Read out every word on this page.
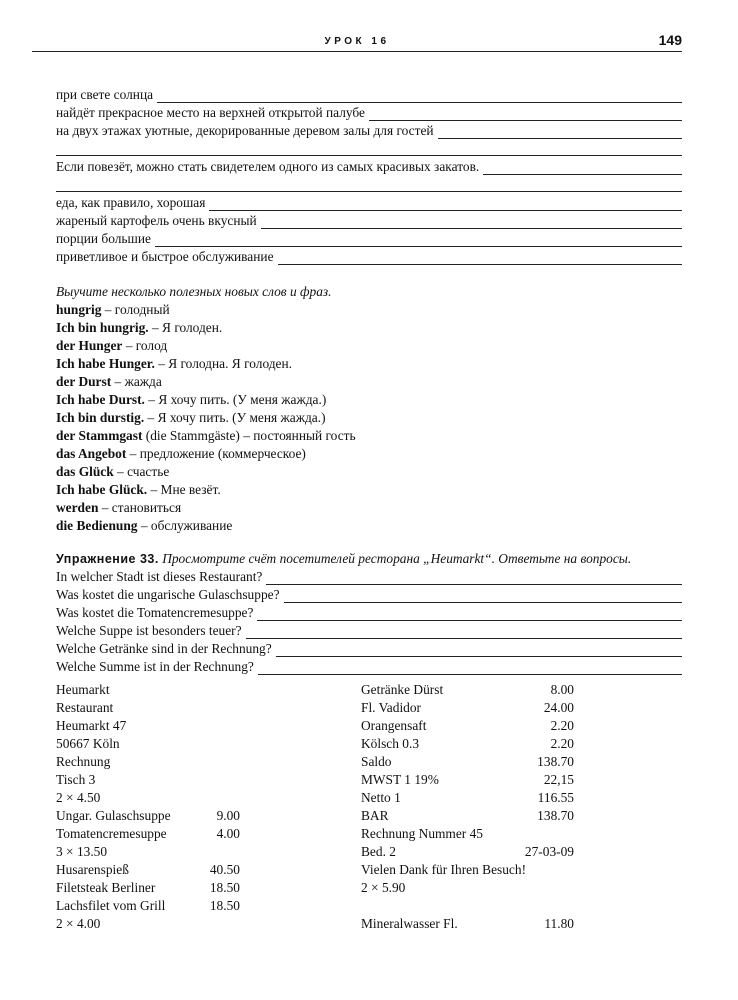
УРОК 16	149
при свете солнца
найдёт прекрасное место на верхней открытой палубе
на двух этажах уютные, декорированные деревом залы для гостей
Если повезёт, можно стать свидетелем одного из самых красивых закатов.
еда, как правило, хорошая
жареный картофель очень вкусный
порции большие
приветливое и быстрое обслуживание
Выучите несколько полезных новых слов и фраз.
hungrig – голодный
Ich bin hungrig. – Я голоден.
der Hunger – голод
Ich habe Hunger. – Я голодна. Я голоден.
der Durst – жажда
Ich habe Durst. – Я хочу пить. (У меня жажда.)
Ich bin durstig. – Я хочу пить. (У меня жажда.)
der Stammgast (die Stammgäste) – постоянный гость
das Angebot – предложение (коммерческое)
das Glück – счастье
Ich habe Glück. – Мне везёт.
werden – становиться
die Bedienung – обслуживание
Упражнение 33. Просмотрите счёт посетителей ресторана „Heumarkt“. Ответьте на вопросы.
In welcher Stadt ist dieses Restaurant?
Was kostet die ungarische Gulaschsuppe?
Was kostet die Tomatencremesuppe?
Welche Suppe ist besonders teuer?
Welche Getränke sind in der Rechnung?
Welche Summe ist in der Rechnung?
Heumarkt
Restaurant
Heumarkt 47
50667 Köln
Rechnung
Tisch 3
2 × 4.50
Ungar. Gulaschsuppe	9.00
Tomatencremesuppe	4.00
3 × 13.50
Husarenspieß	40.50
Filetsteak Berliner	18.50
Lachsfilet vom Grill	18.50
2 × 4.00
Getränke Dürst	8.00
Fl. Vadidor	24.00
Orangensaft	2.20
Kölsch 0.3	2.20
Saldo	138.70
MWST 1 19%	22,15
Netto 1	116.55
BAR	138.70
Rechnung Nummer 45
Bed. 2	27-03-09
Vielen Dank für Ihren Besuch!
2 × 5.90
Mineralwasser Fl.	11.80
